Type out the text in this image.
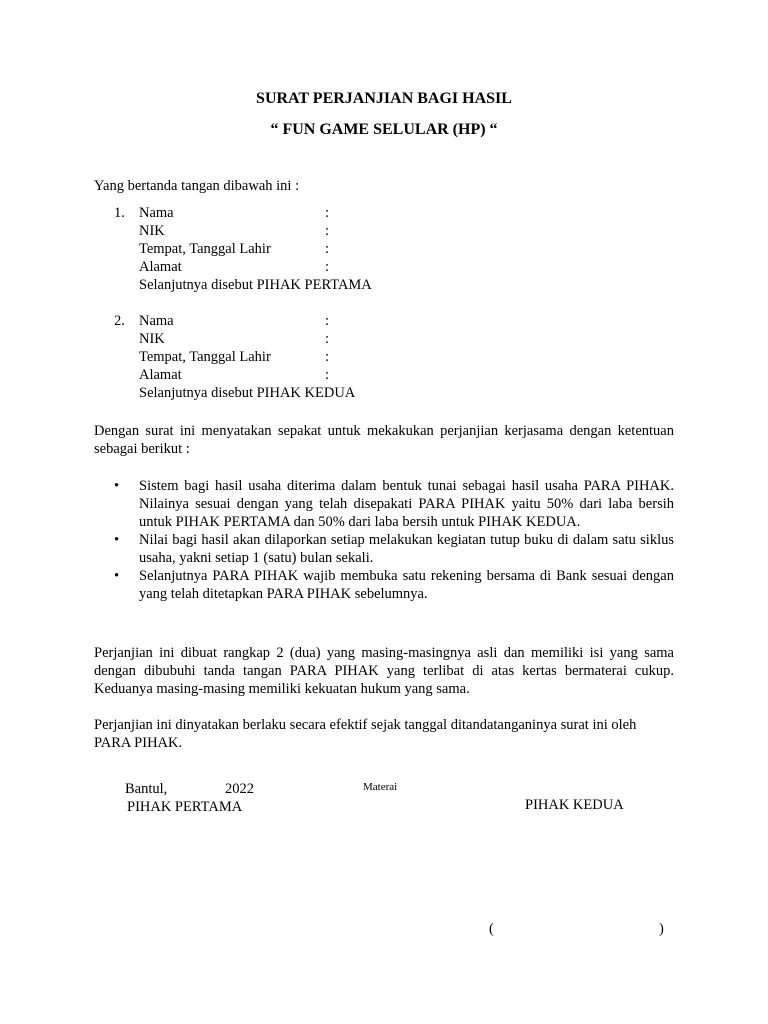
SURAT PERJANJIAN BAGI HASIL
“ FUN GAME SELULAR (HP) “
Yang bertanda tangan dibawah ini :
1. Nama	:
NIK	:
Tempat, Tanggal Lahir	:
Alamat	:
Selanjutnya disebut PIHAK PERTAMA
2. Nama	:
NIK	:
Tempat, Tanggal Lahir	:
Alamat	:
Selanjutnya disebut PIHAK KEDUA
Dengan surat ini menyatakan sepakat untuk mekakukan perjanjian kerjasama dengan ketentuan sebagai berikut :
• Sistem bagi hasil usaha diterima dalam bentuk tunai sebagai hasil usaha PARA PIHAK. Nilainya sesuai dengan yang telah disepakati PARA PIHAK yaitu 50% dari laba bersih untuk PIHAK PERTAMA dan 50% dari laba bersih untuk PIHAK KEDUA.
• Nilai bagi hasil akan dilaporkan setiap melakukan kegiatan tutup buku di dalam satu siklus usaha, yakni setiap 1 (satu) bulan sekali.
• Selanjutnya PARA PIHAK wajib membuka satu rekening bersama di Bank sesuai dengan yang telah ditetapkan PARA PIHAK sebelumnya.
Perjanjian ini dibuat rangkap 2 (dua) yang masing-masingnya asli dan memiliki isi yang sama dengan dibubuhi tanda tangan PARA PIHAK yang terlibat di atas kertas bermaterai cukup. Keduanya masing-masing memiliki kekuatan hukum yang sama.
Perjanjian ini dinyatakan berlaku secara efektif sejak tanggal ditandatanganinya surat ini oleh PARA PIHAK.
Bantul,	2022	Materai
PIHAK PERTAMA	PIHAK KEDUA
(	)
